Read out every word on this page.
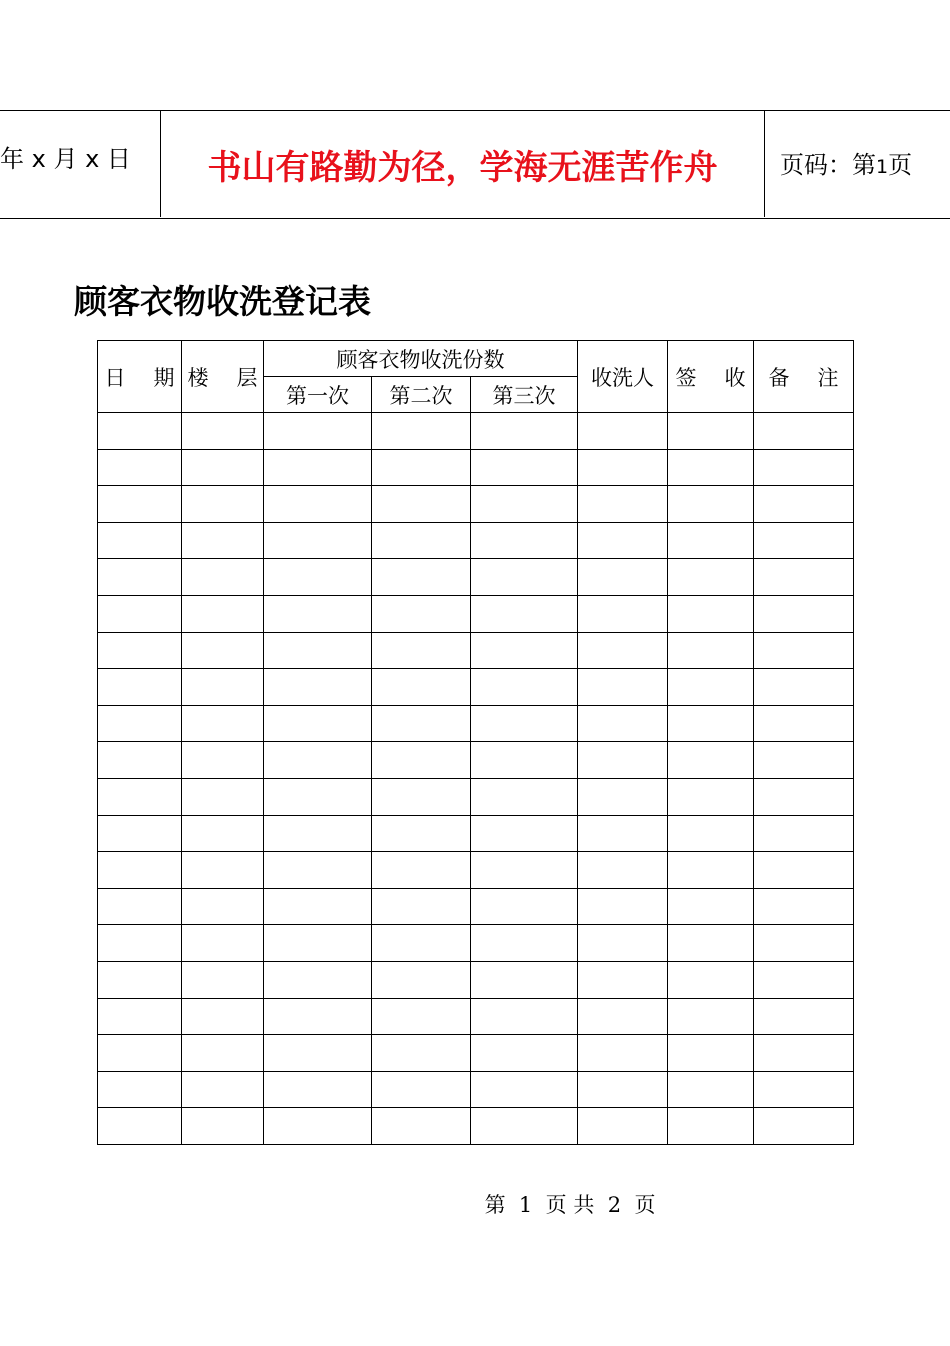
年 x 月 x 日	书山有路勤为径，学海无涯苦作舟	页码：第1页
顾客衣物收洗登记表
日 期	楼 层	顾客衣物收洗份数			收洗人	签 收	备 注
		第一次	第二次	第三次			

第 1 页 共 2 页
